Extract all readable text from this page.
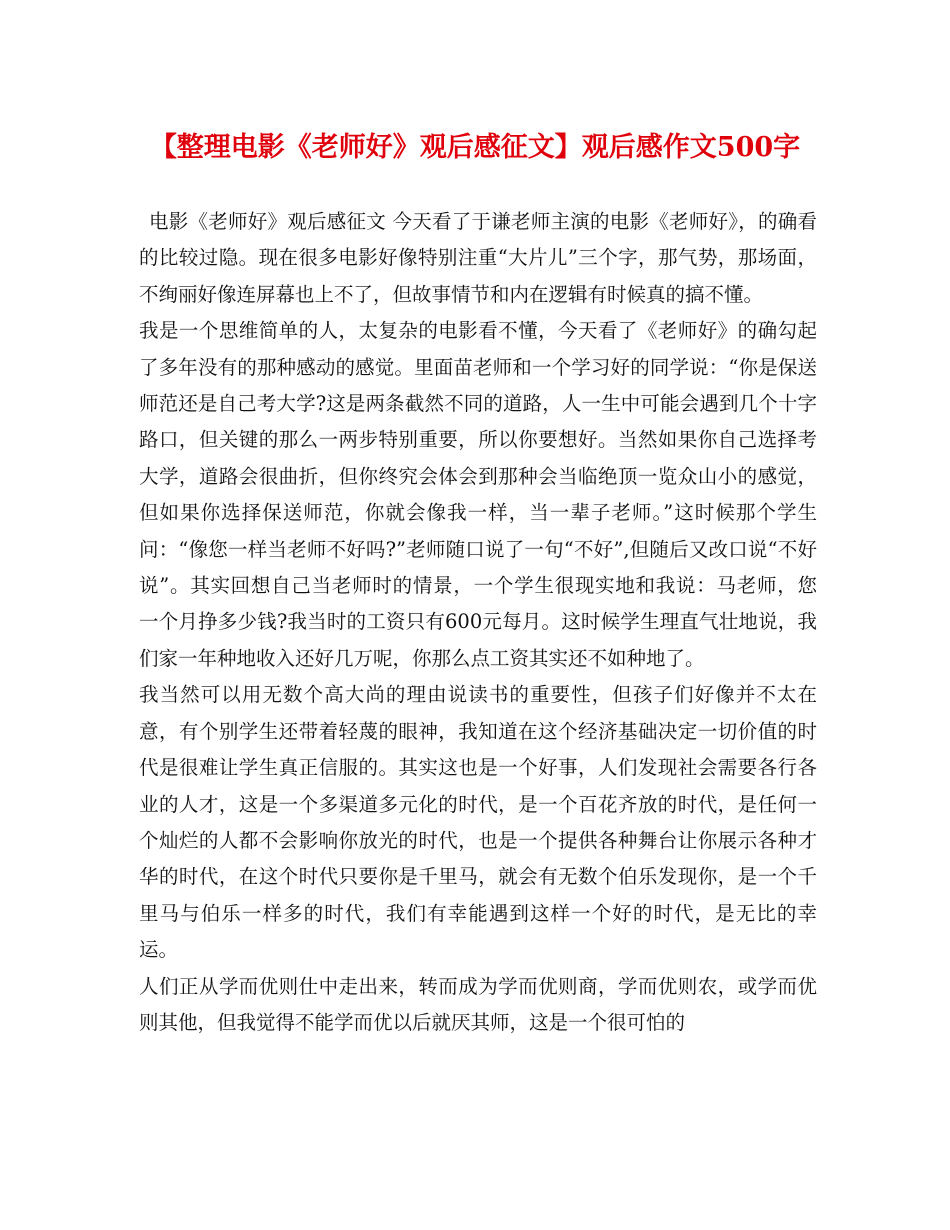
【整理电影《老师好》观后感征文】观后感作文500字

电影《老师好》观后感征文 今天看了于谦老师主演的电影《老师好》，的确看的比较过隐。现在很多电影好像特别注重“大片儿”三个字，那气势，那场面，不绚丽好像连屏幕也上不了，但故事情节和内在逻辑有时候真的搞不懂。

我是一个思维简单的人，太复杂的电影看不懂，今天看了《老师好》的确勾起了多年没有的那种感动的感觉。里面苗老师和一个学习好的同学说：“你是保送师范还是自己考大学?这是两条截然不同的道路，人一生中可能会遇到几个十字路口，但关键的那么一两步特别重要，所以你要想好。当然如果你自己选择考大学，道路会很曲折，但你终究会体会到那种会当临绝顶一览众山小的感觉，但如果你选择保送师范，你就会像我一样，当一辈子老师。”这时候那个学生问：“像您一样当老师不好吗?”老师随口说了一句“不好”,但随后又改口说“不好说”。其实回想自己当老师时的情景，一个学生很现实地和我说：马老师，您 一个月挣多少钱?我当时的工资只有600元每月。这时候学生理直气壮地说，我们家一年种地收入还好几万呢，你那么点工资其实还不如种地了。

我当然可以用无数个高大尚的理由说读书的重要性，但孩子们好像并不太在意，有个别学生还带着轻蔑的眼神，我知道在这个经济基础决定一切价值的时代是很难让学生真正信服的。其实这也是一个好事，人们发现社会需要各行各业的人才，这是一个多渠道多元化的时代，是一个百花齐放的时代，是任何一个灿烂的人都不会影响你放光的时代，也是一个提供各种舞台让你展示各种才华的时代，在这个时代只要你是千里马，就会有无数个伯乐发现你，是一个千里马与伯乐一样多的时代，我们有幸能遇到这样一个好的时代，是无比的幸运。

人们正从学而优则仕中走出来，转而成为学而优则商，学而优则农，或学而优则其他，但我觉得不能学而优以后就厌其师，这是一个很可怕的
